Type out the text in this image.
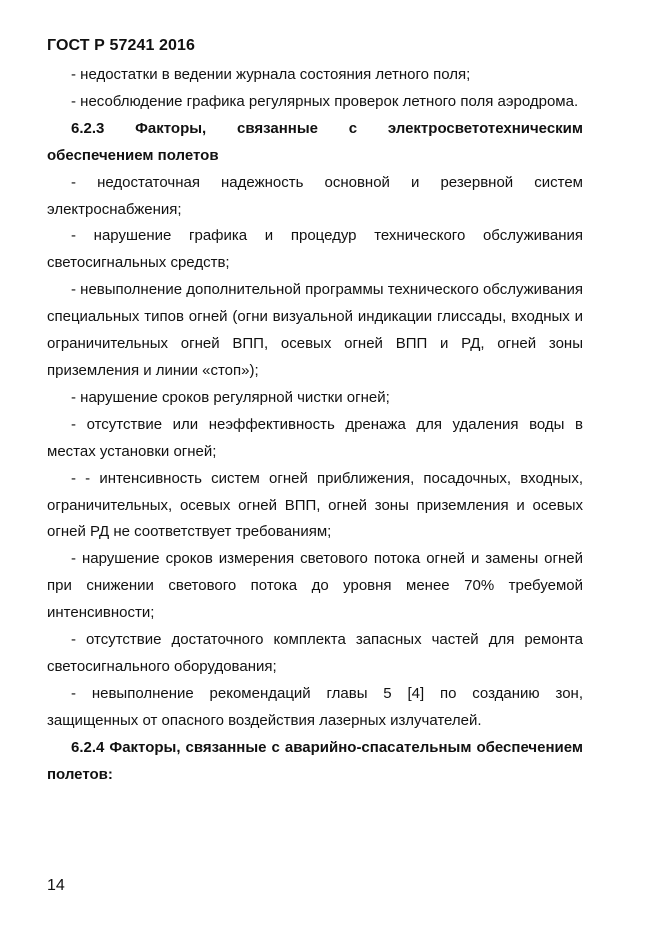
ГОСТ Р 57241 2016

- недостатки в ведении журнала состояния летного поля;

- несоблюдение графика регулярных проверок летного поля аэродрома.

6.2.3 Факторы, связанные с электросветотехническим обеспечением полетов

- недостаточная надежность основной и резервной систем электроснабжения;

- нарушение графика и процедур технического обслуживания светосигнальных средств;

- невыполнение дополнительной программы технического обслуживания специальных типов огней (огни визуальной индикации глиссады, входных и ограничительных огней ВПП, осевых огней ВПП и РД, огней зоны приземления и линии «стоп»);

- нарушение сроков регулярной чистки огней;

- отсутствие или неэффективность дренажа для удаления воды в местах установки огней;

- - интенсивность систем огней приближения, посадочных, входных, ограничительных, осевых огней ВПП, огней зоны приземления и осевых огней РД не соответствует требованиям;

- нарушение сроков измерения светового потока огней и замены огней при снижении светового потока до уровня менее 70% требуемой интенсивности;

- отсутствие достаточного комплекта запасных частей для ремонта светосигнального оборудования;

- невыполнение рекомендаций главы 5 [4] по созданию зон, защищенных от опасного воздействия лазерных излучателей.

6.2.4 Факторы, связанные с аварийно-спасательным обеспечением полетов:

14
